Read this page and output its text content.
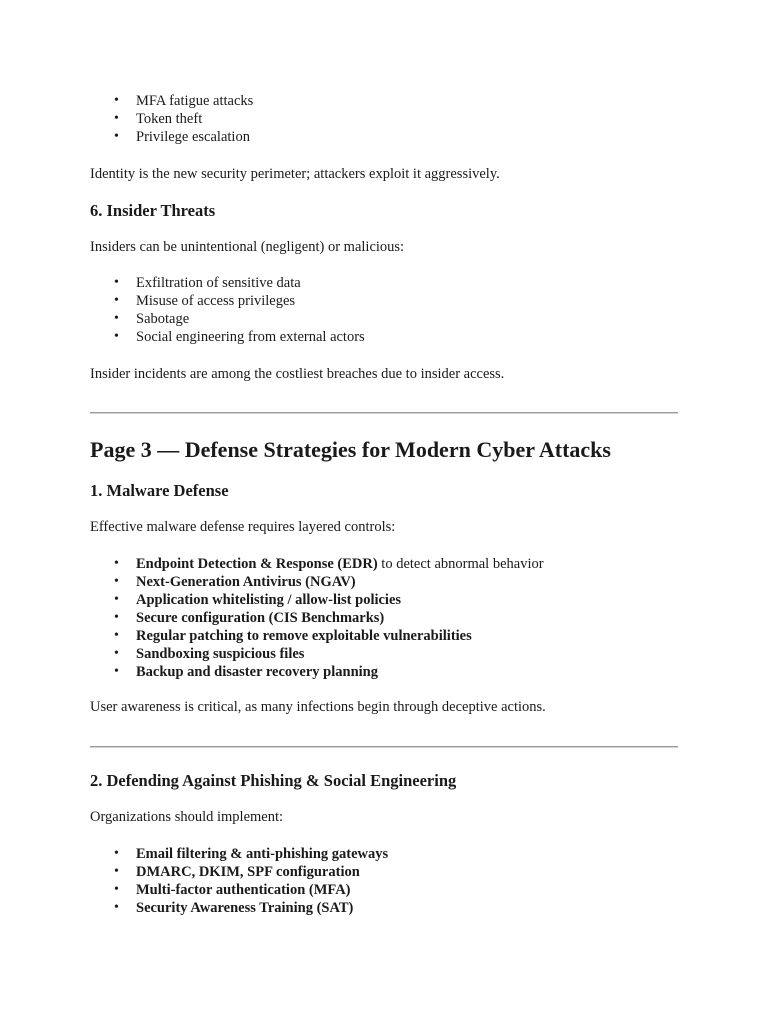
• MFA fatigue attacks
• Token theft
• Privilege escalation

Identity is the new security perimeter; attackers exploit it aggressively.

6. Insider Threats

Insiders can be unintentional (negligent) or malicious:

• Exfiltration of sensitive data
• Misuse of access privileges
• Sabotage
• Social engineering from external actors

Insider incidents are among the costliest breaches due to insider access.

Page 3 — Defense Strategies for Modern Cyber Attacks
1. Malware Defense

Effective malware defense requires layered controls:

• Endpoint Detection & Response (EDR) to detect abnormal behavior
• Next-Generation Antivirus (NGAV)
• Application whitelisting / allow-list policies
• Secure configuration (CIS Benchmarks)
• Regular patching to remove exploitable vulnerabilities
• Sandboxing suspicious files
• Backup and disaster recovery planning

User awareness is critical, as many infections begin through deceptive actions.

2. Defending Against Phishing & Social Engineering

Organizations should implement:

• Email filtering & anti-phishing gateways
• DMARC, DKIM, SPF configuration
• Multi-factor authentication (MFA)
• Security Awareness Training (SAT)
